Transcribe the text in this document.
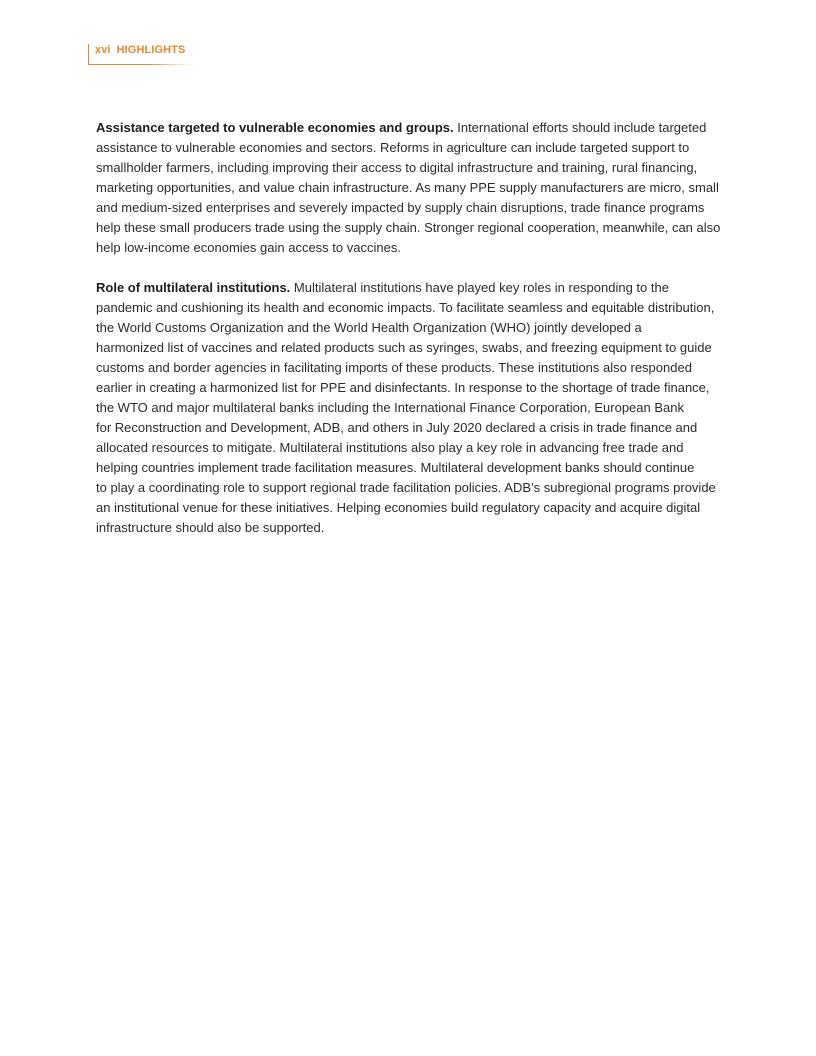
xvi HIGHLIGHTS

Assistance targeted to vulnerable economies and groups. International efforts should include targeted
assistance to vulnerable economies and sectors. Reforms in agriculture can include targeted support to
smallholder farmers, including improving their access to digital infrastructure and training, rural financing,
marketing opportunities, and value chain infrastructure. As many PPE supply manufacturers are micro, small
and medium-sized enterprises and severely impacted by supply chain disruptions, trade finance programs
help these small producers trade using the supply chain. Stronger regional cooperation, meanwhile, can also
help low-income economies gain access to vaccines.

Role of multilateral institutions. Multilateral institutions have played key roles in responding to the
pandemic and cushioning its health and economic impacts. To facilitate seamless and equitable distribution,
the World Customs Organization and the World Health Organization (WHO) jointly developed a
harmonized list of vaccines and related products such as syringes, swabs, and freezing equipment to guide
customs and border agencies in facilitating imports of these products. These institutions also responded
earlier in creating a harmonized list for PPE and disinfectants. In response to the shortage of trade finance,
the WTO and major multilateral banks including the International Finance Corporation, European Bank
for Reconstruction and Development, ADB, and others in July 2020 declared a crisis in trade finance and
allocated resources to mitigate. Multilateral institutions also play a key role in advancing free trade and
helping countries implement trade facilitation measures. Multilateral development banks should continue
to play a coordinating role to support regional trade facilitation policies. ADB’s subregional programs provide
an institutional venue for these initiatives. Helping economies build regulatory capacity and acquire digital
infrastructure should also be supported.
